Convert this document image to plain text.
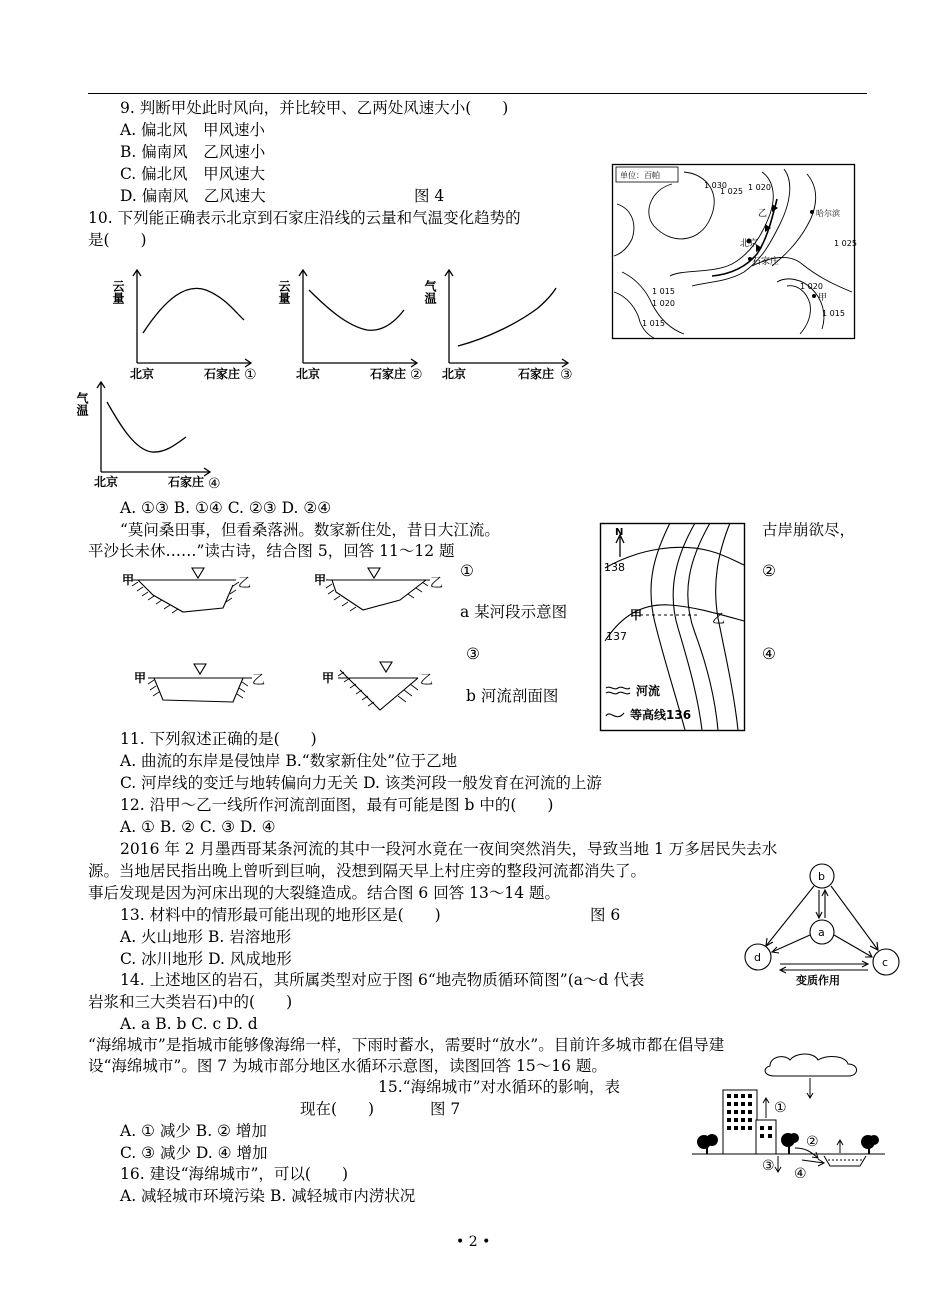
9. 判断甲处此时风向，并比较甲、乙两处风速大小(　　)
A. 偏北风　甲风速小
B. 偏南风　乙风速小
C. 偏北风　甲风速大
D. 偏南风　乙风速大	图 4
单位：百帕
1 030	1 020
1 025
1 025
1 020
1 015
1 015
1 020
1 015
北京
石家庄
哈尔滨
甲
乙
10. 下列能正确表示北京到石家庄沿线的云量和气温变化趋势的
是(　　)
云量
北京	石家庄 ①
云量
北京	石家庄 ②
气温
北京	石家庄 ③
气温
北京	石家庄 ④
A. ①③ B. ①④ C. ②③ D. ②④
“莫问桑田事，但看桑落洲。数家新住处，昔日大江流。	古岸崩欲尽，
平沙长未休……”读古诗，结合图 5，回答 11～12 题
甲	乙	甲	乙
甲	乙	甲	乙
①
a 某河段示意图
③
b 河流剖面图
②
④
N
138
137
甲	乙
河流
等高线136
11. 下列叙述正确的是(　　)
A. 曲流的东岸是侵蚀岸 B.“数家新住处”位于乙地
C. 河岸线的变迁与地转偏向力无关 D. 该类河段一般发育在河流的上游
12. 沿甲～乙一线所作河流剖面图，最有可能是图 b 中的(　　)
A. ① B. ② C. ③ D. ④
2016 年 2 月墨西哥某条河流的其中一段河水竟在一夜间突然消失，导致当地 1 万多居民失去水
源。当地居民指出晚上曾听到巨响，没想到隔天早上村庄旁的整段河流都消失了。
事后发现是因为河床出现的大裂缝造成。结合图 6 回答 13～14 题。
13. 材料中的情形最可能出现的地形区是(　　)	图 6
A. 火山地形 B. 岩溶地形
C. 冰川地形 D. 风成地形
b
a
d	c
变质作用
14. 上述地区的岩石，其所属类型对应于图 6“地壳物质循环简图”(a～d 代表
岩浆和三大类岩石)中的(　　)
A. a B. b C. c D. d
“海绵城市”是指城市能够像海绵一样，下雨时蓄水，需要时“放水”。目前许多城市都在倡导建
设“海绵城市”。图 7 为城市部分地区水循环示意图，读图回答 15～16 题。
15.“海绵城市”对水循环的影响，表
现在(　　)	图 7
A. ① 减少 B. ② 增加
C. ③ 减少 D. ④ 增加
①
②
③ ④
16. 建设“海绵城市”，可以(　　)
A. 减轻城市环境污染 B. 减轻城市内涝状况
• 2 •
